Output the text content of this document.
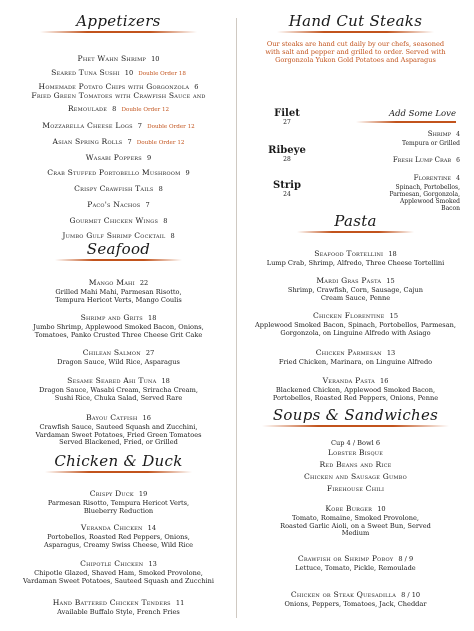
Appetizers
Phet Wahn Shrimp 10
Seared Tuna Sushi 10 Double Order 18
Homemade Potato Chips with Gorgonzola 6
Fried Green Tomatoes with Crawfish Sauce and Remoulade 8 Double Order 12
Mozzarella Cheese Logs 7 Double Order 12
Asian Spring Rolls 7 Double Order 12
Wasabi Poppers 9
Crab Stuffed Portobello Mushroom 9
Crispy Crawfish Tails 8
Paco's Nachos 7
Gourmet Chicken Wings 8
Jumbo Gulf Shrimp Cocktail 8
Seafood
Mango Mahi 22
Grilled Mahi Mahi, Parmesan Risotto, Tempura Hericot Verts, Mango Coulis
Shrimp and Grits 18
Jumbo Shrimp, Applewood Smoked Bacon, Onions, Tomatoes, Panko Crusted Three Cheese Grit Cake
Chilean Salmon 27
Dragon Sauce, Wild Rice, Asparagus
Sesame Seared Ahi Tuna 18
Dragon Sauce, Wasabi Cream, Sriracha Cream, Sushi Rice, Chuka Salad, Served Rare
Bayou Catfish 16
Crawfish Sauce, Sauteed Squash and Zucchini, Vardaman Sweet Potatoes, Fried Green Tomatoes Served Blackened, Fried, or Grilled
Chicken & Duck
Crispy Duck 19
Parmesan Risotto, Tempura Hericot Verts, Blueberry Reduction
Veranda Chicken 14
Portobellos, Roasted Red Peppers, Onions, Asparagus, Creamy Swiss Cheese, Wild Rice
Chipotle Chicken 13
Chipotle Glazed, Shaved Ham, Smoked Provolone, Vardaman Sweet Potatoes, Sauteed Squash and Zucchini
Hand Battered Chicken Tenders 11
Available Buffalo Style, French Fries
Hand Cut Steaks
Our steaks are hand cut daily by our chefs, seasoned with salt and pepper and grilled to order. Served with Gorgonzola Yukon Gold Potatoes and Asparagus
Filet
27
Ribeye
28
Strip
24
Add Some Love
Shrimp 4
Tempura or Grilled
Fresh Lump Crab 6
Florentine 4
Spinach, Portobellos, Parmesan, Gorgonzola, Applewood Smoked Bacon
Pasta
Seafood Tortellini 18
Lump Crab, Shrimp, Alfredo, Three Cheese Tortellini
Mardi Gras Pasta 15
Shrimp, Crawfish, Corn, Sausage, Cajun Cream Sauce, Penne
Chicken Florentine 15
Applewood Smoked Bacon, Spinach, Portobellos, Parmesan, Gorgonzola, on Linguine Alfredo with Asiago
Chicken Parmesan 13
Fried Chicken, Marinara, on Linguine Alfredo
Veranda Pasta 16
Blackened Chicken, Applewood Smoked Bacon, Portobellos, Roasted Red Peppers, Onions, Penne
Soups & Sandwiches
Cup 4 / Bowl 6
Lobster Bisque
Red Beans and Rice
Chicken and Sausage Gumbo
Firehouse Chili
Kobe Burger 10
Tomato, Romaine, Smoked Provolone, Roasted Garlic Aioli, on a Sweet Bun, Served Medium
Crawfish or Shrimp Poboy 8 / 9
Lettuce, Tomato, Pickle, Remoulade
Chicken or Steak Quesadilla 8 / 10
Onions, Peppers, Tomatoes, Jack, Cheddar
